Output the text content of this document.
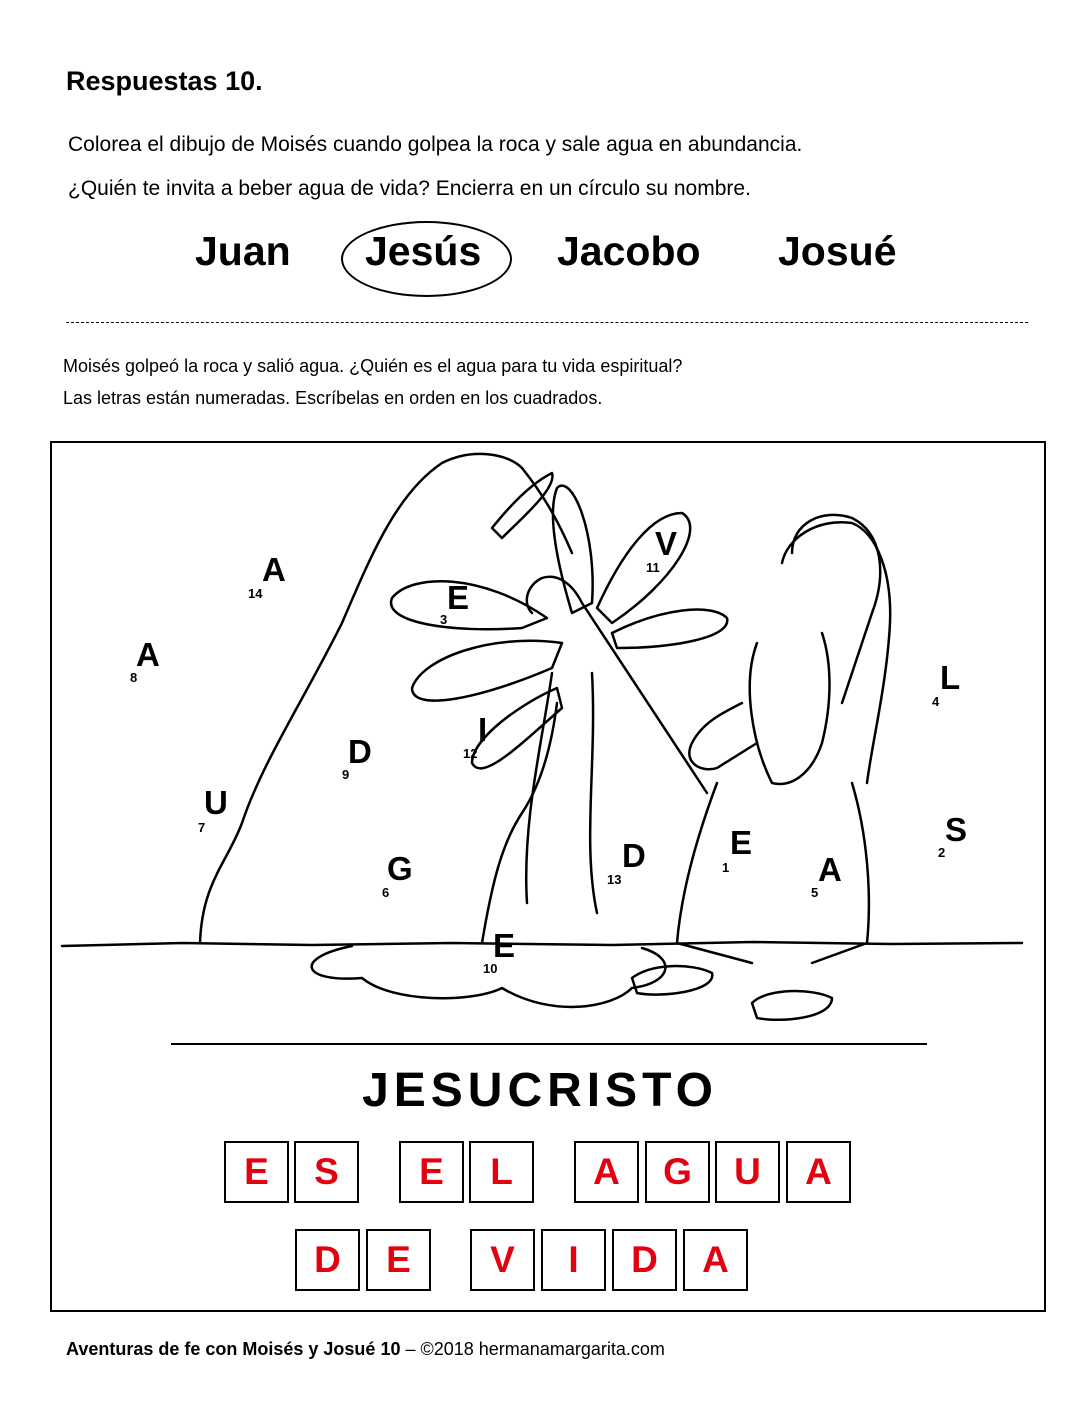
Respuestas 10.
Colorea el dibujo de Moisés cuando golpea la roca y sale agua en abundancia.
¿Quién te invita a beber agua de vida? Encierra en un círculo su nombre.
Juan Jesús Jacobo Josué
Moisés golpeó la roca y salió agua. ¿Quién es el agua para tu vida espiritual?
Las letras están numeradas. Escríbelas en orden en los cuadrados.
E
1
S
2
E
3
L
4
A
5
G
6
U
7
A
8
D
9
E
10
V
11
I
12
D
13
A
14
JESUCRISTO
E	S	E	L	A	G	U	A
D	E	V	I	D	A
Aventuras de fe con Moisés y Josué 10 – ©2018 hermanamargarita.com
